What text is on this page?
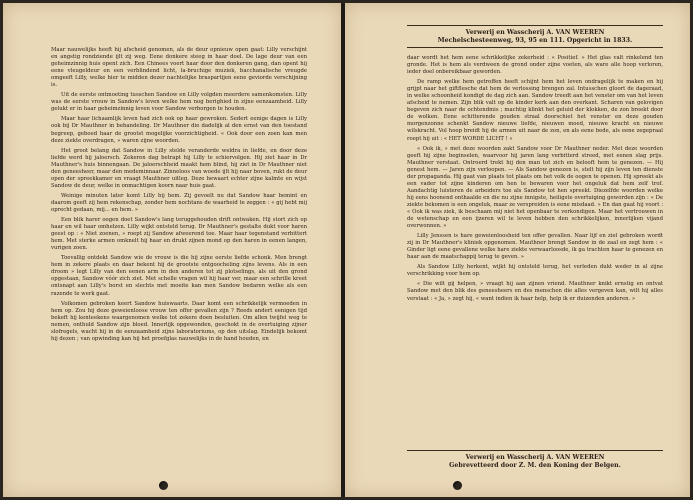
Maar nauwelijks heeft hij afscheid genomen, als de deur opnieuw open gaat: Lilly verschijnt en angstig rondziende ijlt zij weg. Eene donkere steeg in haar doel. De lage deur van een geheimzinnig huis opent zich. Een Chinees voert haar door den donkeren gang, dan opent hij eene vleugeldeur en een verblindend licht, la-bruchige muziek, bacchanalische vreugde omgeeft Lilly, welke hier te midden dezer nachtelijke braspartijen eene geviorde verschijning is.

Uit de eerste ontmoeting tusschen Sandow en Lilly volgden meerdere samenkomsten. Lilly was de eerste vrouw in Sandow's leven welke hem nog berighied in zijne eenzaamheid. Lilly gelukt er in haar geheimzinnig leven voor Sandow verborgen te houden.

Maar haar lichaamlijk leven had zich ook op haar gewroken. Sedert eenige dagen is Lilly ook bij Dr Mauthner in behandeling. Dr Mauthner die dadelijk al den ernst van den toestand begreep, geboed haar de grootst mogelijke voorzichtigheid. « Ook door een zoen kan men deze ziekte overdragen, » waren zijne woorden.

Het groot belang dat Sandow in Lilly stelde veranderde weldra in liefde, en door deze liefde werd hij jaloersch. Zekeren dag betrapt hij Lilly te schiervolgen. Hij ziet haar in Dr Mauthner's huis binnengaan. De jaloerschheid maakt hem blind, hij ziet in Dr Mauthner niet den geneesheer, maar den medeminnaar. Zinneloos van woede ijlt hij naar boven, rukt de deur open der spreekkamer en vraagt Mauthner uitleg. Deze bewaart echter zijne kalmte en wijst Sandow de deur, welke in onmachtigen koorn naar huis gaat.

Weinige minuten later komt Lilly bij hem. Zij gevoelt nu dat Sandow haar bemint en daarom geeft zij hem rekenschap, zonder hem nochtans de waarheid te zeggen : « gij hebt mij oprecht gedaan, mij... en hem. »

Een blik harer oogen doet Sandow's lang teruggehouden drift ontwaken. Hij stort zich op haar en wil haar omhelzen. Lilly wijkt ontsteld terug. Dr Mauthner's gestalte dukt voor haren geest op : « Niet zoenen, » roept zij Sandow afweerend toe. Maar haar tegenstand verbittert hem. Met sterke armen omknelt hij haar en drukt zijnen mond op den haren in eenen langen, vurigen zoen.

Toevallig ontdekt Sandow wie de vrouw is die hij zijne eerste liefde schonk. Men brengt hem in zekere plaats en daar bekent hij de grootste ontgoocheling zijns levens. Als in een droom » legt Lilly van den eenen arm in den anderen tot zij plotselings, als uit den grond opgestaan, Sandow vóór zich ziet. Met schelle vragen wil hij haar ver, maar een schrille kreet ontsnapt aan Lilly's borst en slechts met moeite kan men Sandow bedaren welke als een razende te werk gaat.

Volkomen gebroken keert Sandow huiswaarts. Daar komt een schrikkelijk vermoeden in hem op. Zou hij deze geweienloose vrouw ten offer gevallen zijn ? Reeds andert eenigen tijd bekeft hij kenteekens waargenomen welke tot zekere doen besluiten. Om allen twijfel weg te nemen, onthuld Sandow zijn bloed. Innerlijk opgewonden, geschokt in de overtuiging zijner slofregels, wacht hij in de eenzaamheid zijns laboratoriums, op den uitslag. Eindelijk bekomt hij dezen ; van opwinding kan hij het proefglas nauwelijks in de hand houden, en

Verwerij en Wasscherij A. VAN WEEREN
Mechelschesteenweg, 93, 95 en 111. Opgericht in 1833.

daar wordt het hem eene schrikkelijke zekerheid : « Positief. » Het glas valt rinkelend ten gronde. Het is hem als verdween de grond onder zijne voeten, als ware alle hoop verloren, ieder doel onbereikbaar geworden.

De ramp welke hem getroffen heeft schijnt hem het leven ondragelijk te maken en hij grijpt naar het giftflesche dat hem de verlossing brengen zal. Intusschen gloort de dageraad, in welke schoonheid kondigt de dag zich aan. Sandow treedt aan het venster om van het leven afscheid te nemen. Zijn blik valt op de kinder kerk aan den overkant. Scharen van gelovigen begeven zich naar de ochtendmis ; machtig klinkt het geluid der klokken, de zon breekt door de wolken. Eene schitterende gouden straal doorschiet het venster en deze gouden morgenzonne schenkt Sandow nieuwe liefde, nieuwen moed, nieuwe kracht en nieuwe wilskracht. Vol hoop breidt hij de armen uit naar de zon, en als eene bede, als eene zegepraal roept hij uit : « HET WORDE LICHT ! »

« Ook ik, » met deze woorden zakt Sandow voor Dr Mauthner neder. Met deze woorden geeft hij zijne beginselen, waarvoor hij jaren lang verbitterd streed, met eenen slag prijs. Mauthner verstaat. Ontroerd trekt hij den man tot zich en belooft hem te genezen. — Hij genest hem. — Jaren zijn verloopen. — Als Sandow genezen is, stelt hij zijn leven ten dienste der propaganda. Hij gaat van plaats tot plaats om het volk de oogen te openen. Hij spreekt als een vader tot zijne kinderen om hen te bewaren voor het ongeluk dat hem zelf trof. Aandachtig luisteren de arbeiders toe als Sandow tot hen spreekt. Diezelfde woorden welke hij eens hoonend onthaalde en die nu zijne innigste, heiligste overtuiging geworden zijn : « De ziekte bekomen is een ongeluk, maar ze verspreiden is eene misdaad. » En dan gaat hij voort : « Ook ik was ziek, ik beschaam mij niet het openbaar te verkondigen. Maar het vertrouwen in de wetenschap en een ijzeren wil te leven hebben den schrikkelijken, innerlijken vijand overwonnen. »

Lilly Jenssen is hare geweienloosheid ten offer gevallen. Naar lijf en ziel gebroken wordt zij in Dr Mauthner's kliniek opgenomen. Mauthner brengt Sandow in de zaal en zegt hem : « Ginder ligt eene gevallene welke hare ziekte verwaarloosde, ik ga trachten haar te genezen en haar aan de maatschappij terug te geven. »

Als Sandow Lilly herkent, wijkt hij ontsteld terug, het verleden dukt weder in al zijne verschrikking voor hem op.

« Die wilt gij helpen, » vraagt hij aan zijnen vriend. Mauthner knikt ernstig en ontvat Sandow met den blik des geneesheers en des menschen die alles vergeven kan, wilt hij alles verstaat : « Ja, » zegt hij, « want indien ik haar help, help ik er duizenden anderen. »

Verwerij en Wasscherij A. VAN WEEREN
Gebrevetteerd door Z. M. den Koning der Belgen.
